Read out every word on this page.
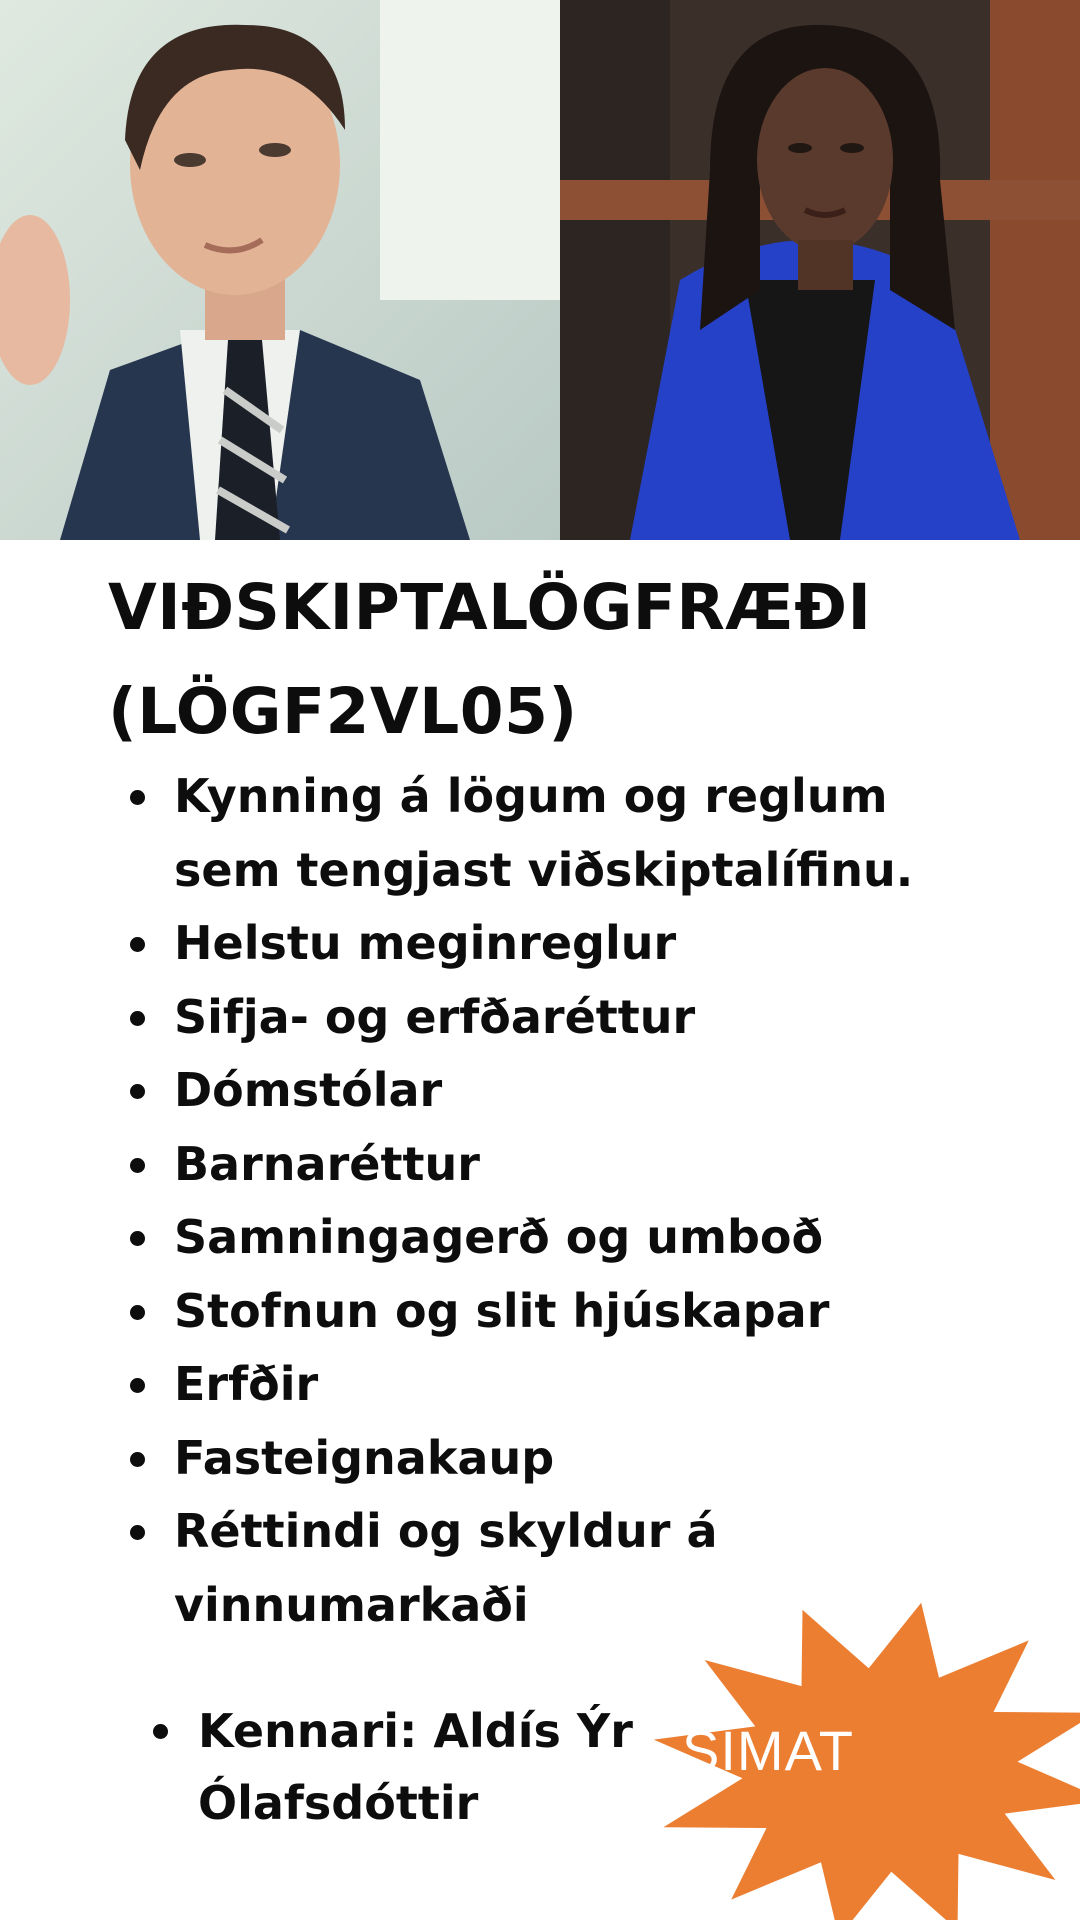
VIÐSKIPTALÖGFRÆÐI
(LÖGF2VL05)
Kynning á lögum og reglum
sem tengjast viðskiptalífinu.
Helstu meginreglur
Sifja- og erfðaréttur
Dómstólar
Barnaréttur
Samningagerð og umboð
Stofnun og slit hjúskapar
Erfðir
Fasteignakaup
Réttindi og skyldur á
vinnumarkaði
SÍMAT
Kennari: Aldís Ýr
Ólafsdóttir
